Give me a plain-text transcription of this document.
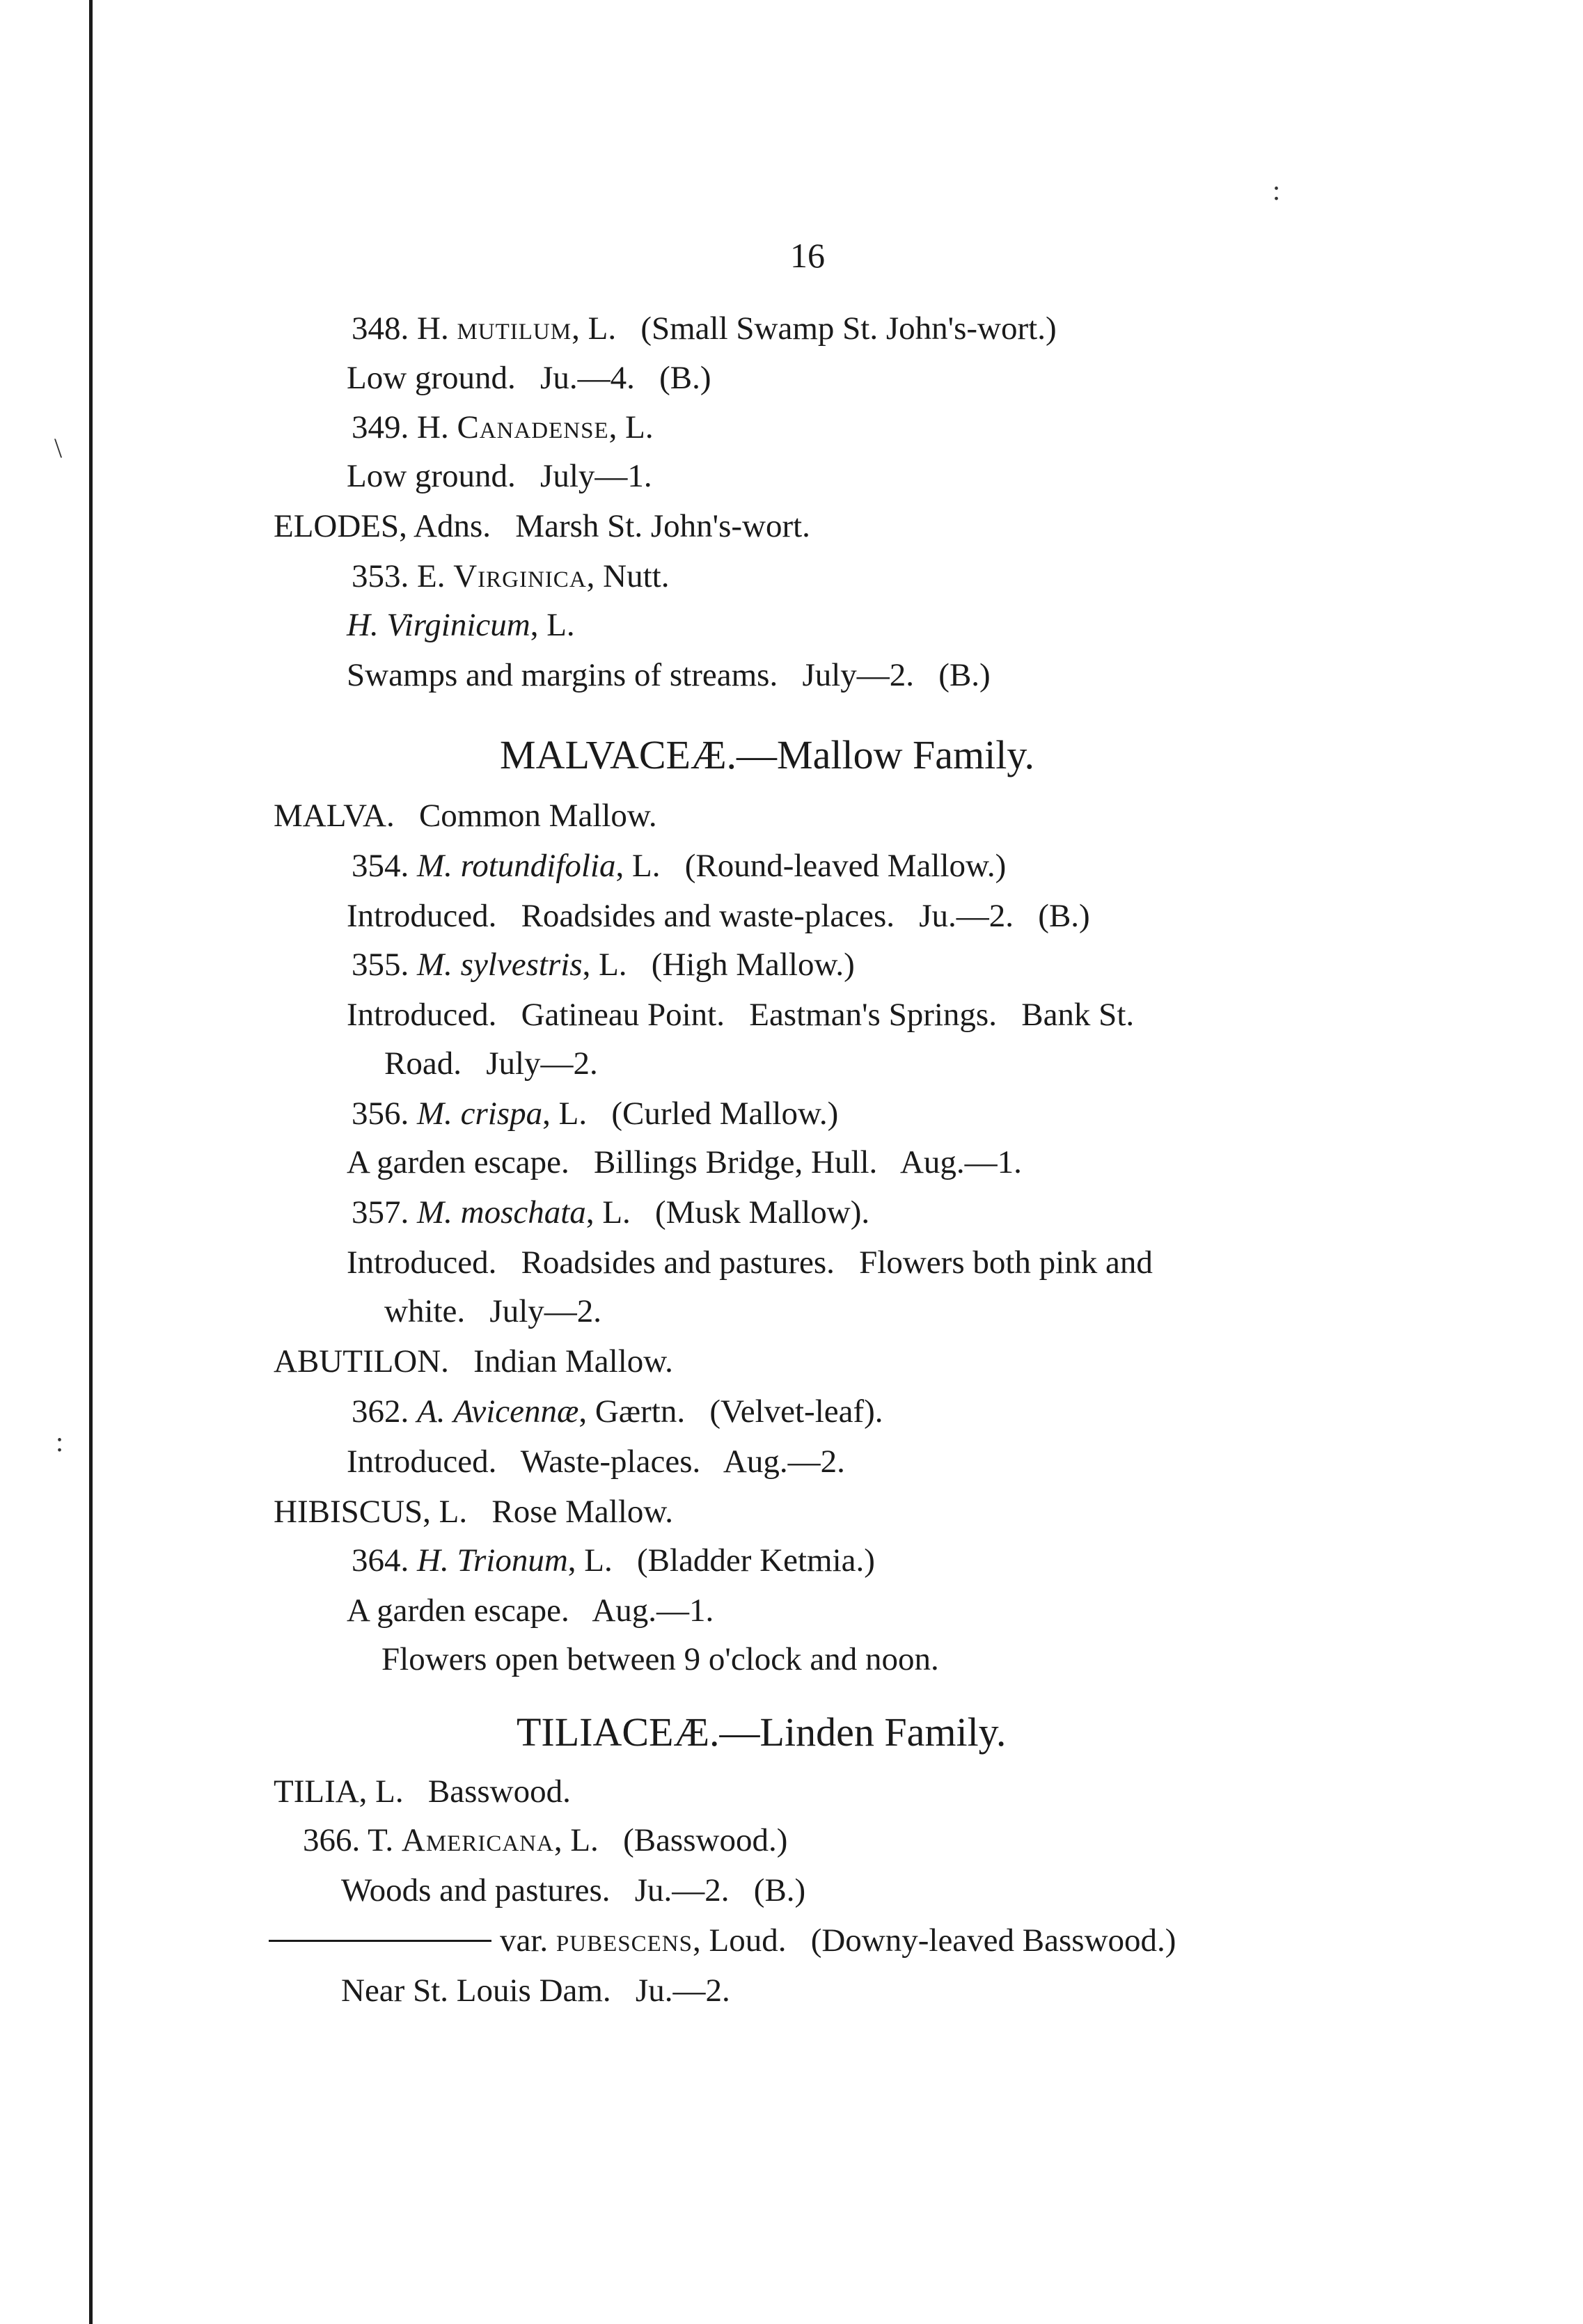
:
\
:
16

348. H. mutilum, L.   (Small Swamp St. John's-wort.)

Low ground.   Ju.—4.   (B.)

349. H. Canadense, L.

Low ground.   July—1.

ELODES, Adns.   Marsh St. John's-wort.

353. E. Virginica, Nutt.

H. Virginicum, L.

Swamps and margins of streams.   July—2.   (B.)

MALVACEÆ.—Mallow Family.

MALVA.   Common Mallow.

354. M. rotundifolia, L.   (Round-leaved Mallow.)

Introduced.   Roadsides and waste-places.   Ju.—2.   (B.)

355. M. sylvestris, L.   (High Mallow.)

Introduced.   Gatineau Point.   Eastman's Springs.   Bank St.

Road.   July—2.

356. M. crispa, L.   (Curled Mallow.)

A garden escape.   Billings Bridge, Hull.   Aug.—1.

357. M. moschata, L.   (Musk Mallow).

Introduced.   Roadsides and pastures.   Flowers both pink and

white.   July—2.

ABUTILON.   Indian Mallow.

362. A. Avicennæ, Gærtn.   (Velvet-leaf).

Introduced.   Waste-places.   Aug.—2.

HIBISCUS, L.   Rose Mallow.

364. H. Trionum, L.   (Bladder Ketmia.)

A garden escape.   Aug.—1.

Flowers open between 9 o'clock and noon.

TILIACEÆ.—Linden Family.

TILIA, L.   Basswood.

366. T. Americana, L.   (Basswood.)

Woods and pastures.   Ju.—2.   (B.)

var. pubescens, Loud.   (Downy-leaved Basswood.)

Near St. Louis Dam.   Ju.—2.
